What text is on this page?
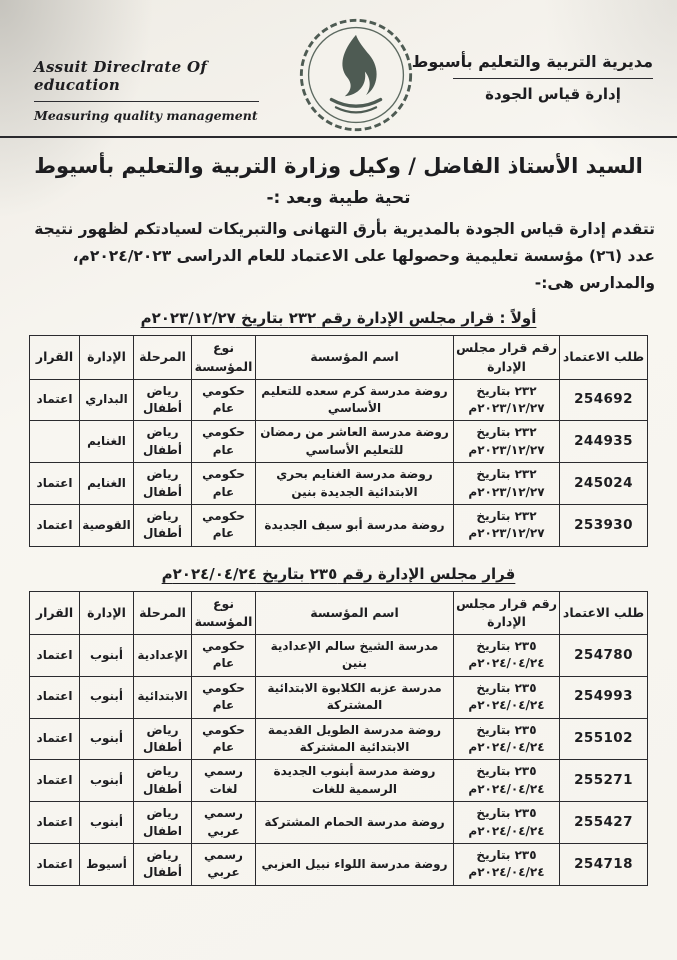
Assuit Direclrate Of education
Measuring quality management
مديرية التربية والتعليم بأسيوط
إدارة قياس الجودة
السيد الأستاذ الفاضل / وكيل وزارة التربية والتعليم بأسيوط

تحية طيبة وبعد :-

تتقدم إدارة قياس الجودة بالمديرية بأرق التهانى والتبريكات لسيادتكم لظهور نتيجة
عدد (٢٦) مؤسسة تعليمية وحصولها على الاعتماد للعام الدراسى ٢٠٢٤/٢٠٢٣م، والمدارس هى:-
أولاً : قرار مجلس الإدارة رقم ٢٣٢ بتاريخ ٢٠٢٣/١٢/٢٧م
طلب الاعتماد	رقم قرار مجلس الإدارة	اسم المؤسسة	نوع المؤسسة	المرحلة	الإدارة	القرار
254692	٢٣٢ بتاريخ ٢٠٢٣/١٢/٢٧م	روضة مدرسة كرم سعده للتعليم الأساسي	حكومي عام	رياض أطفال	البداري	اعتماد
244935	٢٣٢ بتاريخ ٢٠٢٣/١٢/٢٧م	روضة مدرسة العاشر من رمضان للتعليم الأساسي	حكومي عام	رياض أطفال	الغنايم	
245024	٢٣٢ بتاريخ ٢٠٢٣/١٢/٢٧م	روضة مدرسة الغنايم بحري الابتدائية الجديدة بنين	حكومي عام	رياض أطفال	الغنايم	اعتماد
253930	٢٣٢ بتاريخ ٢٠٢٣/١٢/٢٧م	روضة مدرسة أبو سيف الجديدة	حكومي عام	رياض أطفال	القوصية	اعتماد
قرار مجلس الإدارة رقم ٢٣٥ بتاريخ ٢٠٢٤/٠٤/٢٤م
طلب الاعتماد	رقم قرار مجلس الإدارة	اسم المؤسسة	نوع المؤسسة	المرحلة	الإدارة	القرار
254780	٢٣٥ بتاريخ ٢٠٢٤/٠٤/٢٤م	مدرسة الشيخ سالم الإعدادية بنين	حكومي عام	الإعدادية	أبنوب	اعتماد
254993	٢٣٥ بتاريخ ٢٠٢٤/٠٤/٢٤م	مدرسة عزبه الكلابوة الابتدائية المشتركة	حكومي عام	الابتدائية	أبنوب	اعتماد
255102	٢٣٥ بتاريخ ٢٠٢٤/٠٤/٢٤م	روضة مدرسة الطويل القديمة الابتدائية المشتركة	حكومي عام	رياض أطفال	أبنوب	اعتماد
255271	٢٣٥ بتاريخ ٢٠٢٤/٠٤/٢٤م	روضة مدرسة أبنوب الجديدة الرسمية للغات	رسمي لغات	رياض أطفال	أبنوب	اعتماد
255427	٢٣٥ بتاريخ ٢٠٢٤/٠٤/٢٤م	روضة مدرسة الحمام المشتركة	رسمي عربي	رياض اطفال	أبنوب	اعتماد
254718	٢٣٥ بتاريخ ٢٠٢٤/٠٤/٢٤م	روضة مدرسة اللواء نبيل العزبي	رسمي عربي	رياض أطفال	أسيوط	اعتماد
